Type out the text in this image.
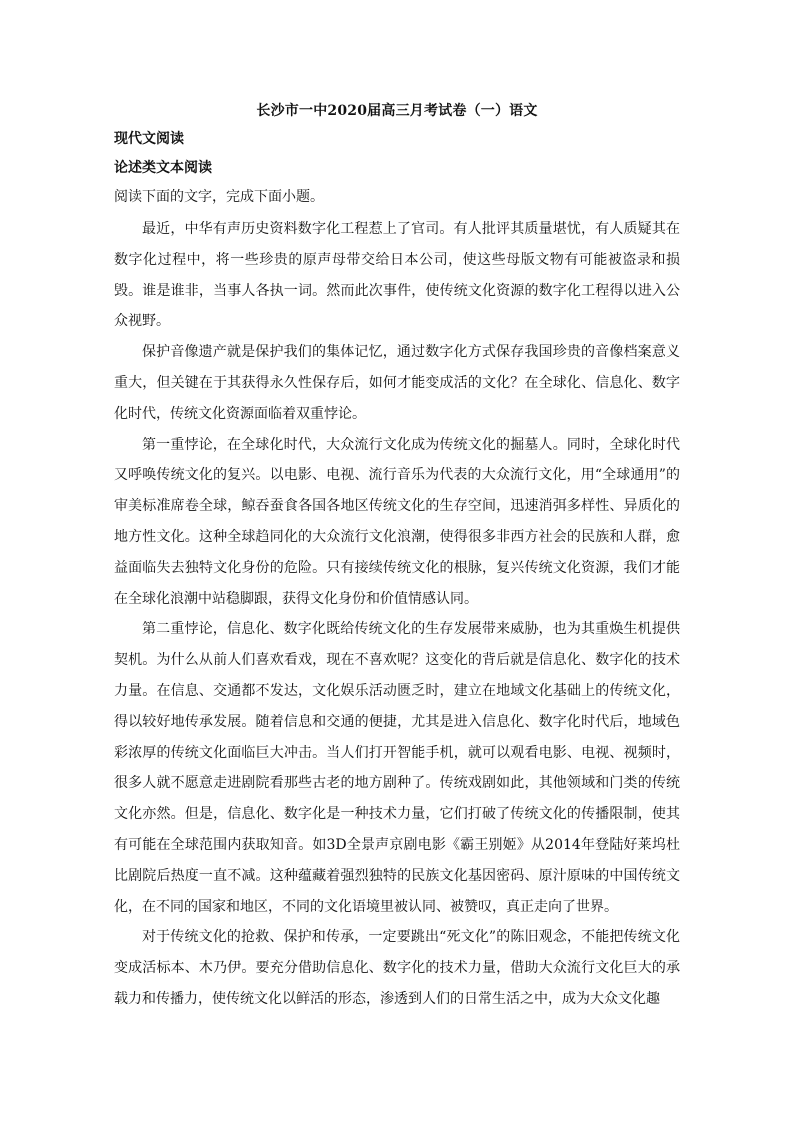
长沙市一中2020届高三月考试卷（一）语文
现代文阅读
论述类文本阅读
阅读下面的文字，完成下面小题。

最近，中华有声历史资料数字化工程惹上了官司。有人批评其质量堪忧，有人质疑其在数字化过程中，将一些珍贵的原声母带交给日本公司，使这些母版文物有可能被盗录和损毁。谁是谁非，当事人各执一词。然而此次事件，使传统文化资源的数字化工程得以进入公众视野。

保护音像遗产就是保护我们的集体记忆，通过数字化方式保存我国珍贵的音像档案意义重大，但关键在于其获得永久性保存后，如何才能变成活的文化？在全球化、信息化、数字化时代，传统文化资源面临着双重悖论。

第一重悖论，在全球化时代，大众流行文化成为传统文化的掘墓人。同时，全球化时代又呼唤传统文化的复兴。以电影、电视、流行音乐为代表的大众流行文化，用“全球通用”的审美标准席卷全球，鲸吞蚕食各国各地区传统文化的生存空间，迅速消弭多样性、异质化的地方性文化。这种全球趋同化的大众流行文化浪潮，使得很多非西方社会的民族和人群，愈益面临失去独特文化身份的危险。只有接续传统文化的根脉，复兴传统文化资源，我们才能在全球化浪潮中站稳脚跟，获得文化身份和价值情感认同。

第二重悖论，信息化、数字化既给传统文化的生存发展带来威胁，也为其重焕生机提供契机。为什么从前人们喜欢看戏，现在不喜欢呢？这变化的背后就是信息化、数字化的技术力量。在信息、交通都不发达，文化娱乐活动匮乏时，建立在地域文化基础上的传统文化，得以较好地传承发展。随着信息和交通的便捷，尤其是进入信息化、数字化时代后，地域色彩浓厚的传统文化面临巨大冲击。当人们打开智能手机，就可以观看电影、电视、视频时，很多人就不愿意走进剧院看那些古老的地方剧种了。传统戏剧如此，其他领域和门类的传统文化亦然。但是，信息化、数字化是一种技术力量，它们打破了传统文化的传播限制，使其有可能在全球范围内获取知音。如3D全景声京剧电影《霸王别姬》从2014年登陆好莱坞杜比剧院后热度一直不减。这种蕴藏着强烈独特的民族文化基因密码、原汁原味的中国传统文化，在不同的国家和地区，不同的文化语境里被认同、被赞叹，真正走向了世界。

对于传统文化的抢救、保护和传承，一定要跳出“死文化”的陈旧观念，不能把传统文化变成活标本、木乃伊。要充分借助信息化、数字化的技术力量，借助大众流行文化巨大的承载力和传播力，使传统文化以鲜活的形态，渗透到人们的日常生活之中，成为大众文化趣
